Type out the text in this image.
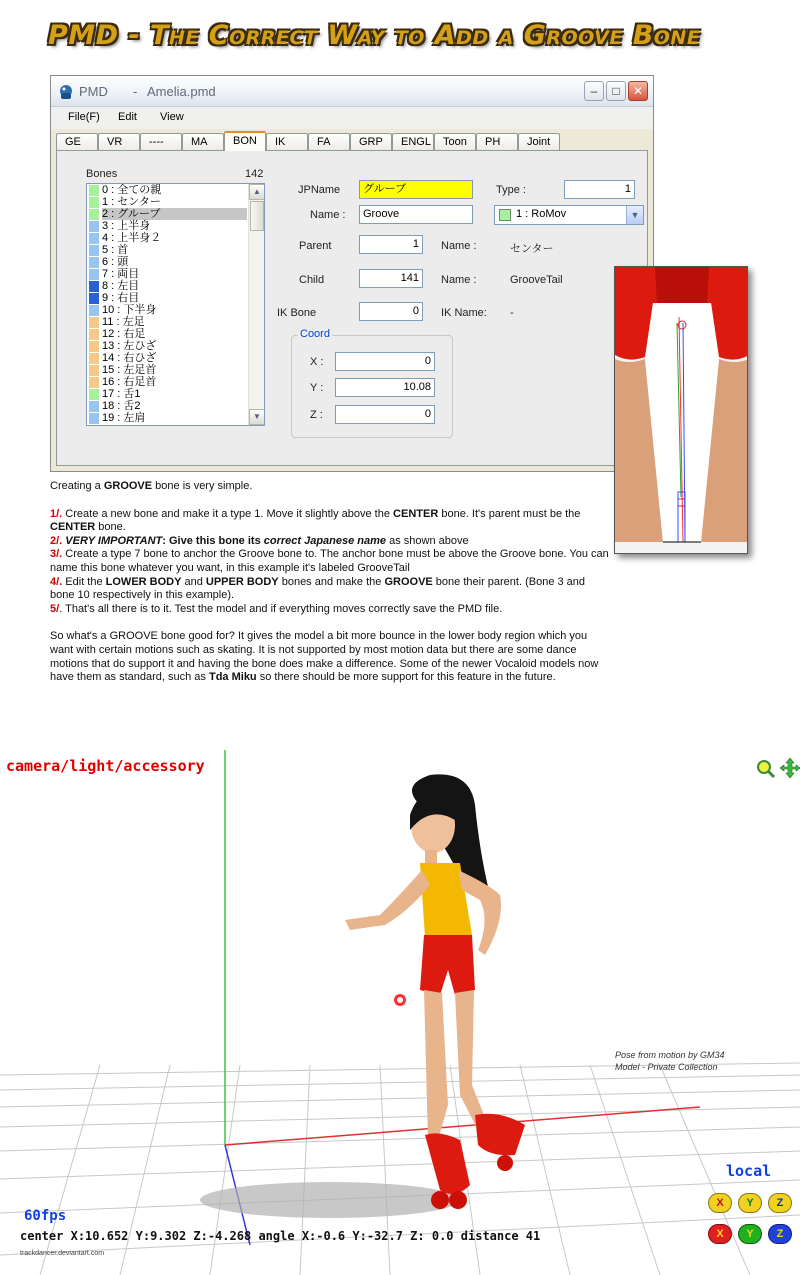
PMD - The Correct Way to Add a Groove Bone
PMD - Amelia.pmd	–	□	✕
File(F) Edit View
GE	VR	----	MA	BON	IK	FA	GRP	ENGL	Toon	PH	Joint
Bones	142
0 : 全ての親
1 : センター
2 : グルーブ
3 : 上半身
4 : 上半身２
5 : 首
6 : 頭
7 : 両目
8 : 左目
9 : 右目
10 : 下半身
11 : 左足
12 : 右足
13 : 左ひざ
14 : 右ひざ
15 : 左足首
16 : 右足首
17 : 舌1
18 : 舌2
19 : 左肩
▲
▼
JPName	グルーブ
Name :	Groove
Type :	1
1 : RoMov	▼
Parent	1	Name :	センター
Child	141	Name :	GrooveTail
IK Bone	0	IK Name: -
Coord
X :	0
Y :	10.08
Z :	0

Creating a GROOVE bone is very simple.

1/. Create a new bone and make it a type 1. Move it slightly above the CENTER bone. It's parent must be the CENTER bone.

2/. VERY IMPORTANT: Give this bone its correct Japanese name as shown above

3/. Create a type 7 bone to anchor the Groove bone to. The anchor bone must be above the Groove bone. You can name this bone whatever you want, in this example it's labeled GrooveTail

4/. Edit the LOWER BODY and UPPER BODY bones and make the GROOVE bone their parent. (Bone 3 and bone 10 respectively in this example).

5/. That's all there is to it. Test the model and if everything moves correctly save the PMD file.

So what's a GROOVE bone good for? It gives the model a bit more bounce in the lower body region which you want with certain motions such as skating. It is not supported by most motion data but there are some dance motions that do support it and having the bone does make a difference. Some of the newer Vocaloid models now have them as standard, such as Tda Miku so there should be more support for this feature in the future.

camera/light/accessory
Pose from motion by GM34
Model - Private Collection
local
X	Y	Z
X	Y	Z
60fps
center X:10.652 Y:9.302 Z:-4.268 angle X:-0.6 Y:-32.7 Z: 0.0 distance 41
trackdancer.deviantart.com
